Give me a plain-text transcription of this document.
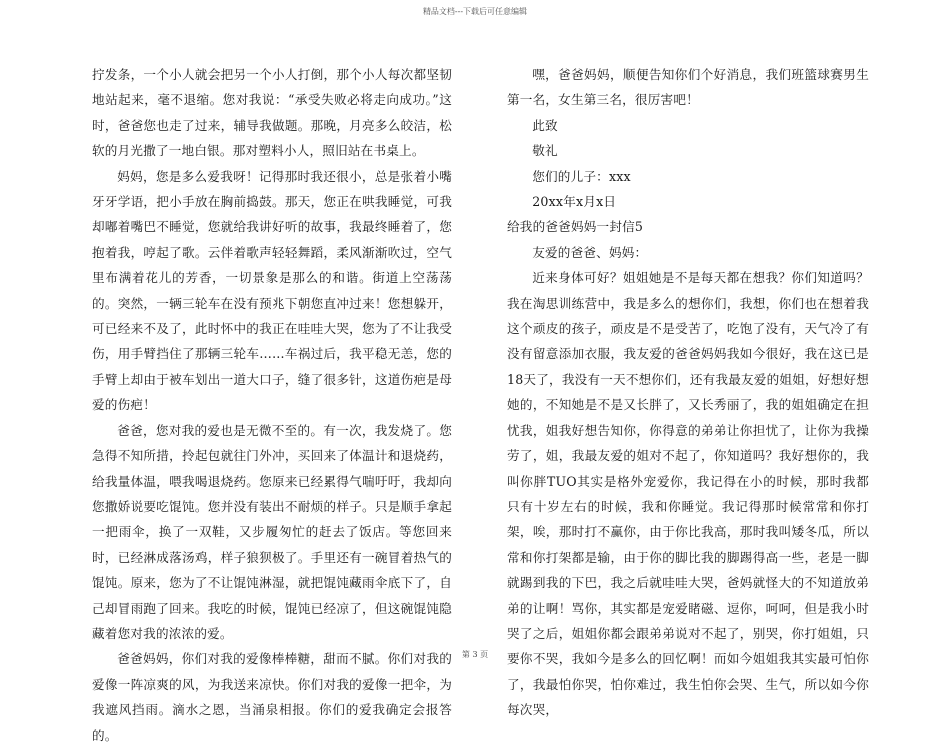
精品文档---下载后可任意编辑

拧发条，一个小人就会把另一个小人打倒，那个小人每次都坚韧地站起来，毫不退缩。您对我说：“承受失败必将走向成功。”这时，爸爸您也走了过来，辅导我做题。那晚，月亮多么皎洁，松软的月光撒了一地白银。那对塑料小人，照旧站在书桌上。

妈妈，您是多么爱我呀！记得那时我还很小，总是张着小嘴牙牙学语，把小手放在胸前捣鼓。那天，您正在哄我睡觉，可我却嘟着嘴巴不睡觉，您就给我讲好听的故事，我最终睡着了，您抱着我，哼起了歌。云伴着歌声轻轻舞蹈，柔风渐渐吹过，空气里布满着花儿的芳香，一切景象是那么的和谐。街道上空荡荡的。突然，一辆三轮车在没有预兆下朝您直冲过来！您想躲开，可已经来不及了，此时怀中的我正在哇哇大哭，您为了不让我受伤，用手臂挡住了那辆三轮车……车祸过后，我平稳无恙，您的手臂上却由于被车划出一道大口子，缝了很多针，这道伤疤是母爱的伤疤！

爸爸，您对我的爱也是无微不至的。有一次，我发烧了。您急得不知所措，拎起包就往门外冲，买回来了体温计和退烧药，给我量体温，喂我喝退烧药。您原来已经累得气喘吁吁，我却向您撒娇说要吃馄饨。您并没有装出不耐烦的样子。只是顺手拿起一把雨伞，换了一双鞋，又步履匆忙的赶去了饭店。等您回来时，已经淋成落汤鸡，样子狼狈极了。手里还有一碗冒着热气的馄饨。原来，您为了不让馄饨淋湿，就把馄饨藏雨伞底下了，自己却冒雨跑了回来。我吃的时候，馄饨已经凉了，但这碗馄饨隐藏着您对我的浓浓的爱。

爸爸妈妈，你们对我的爱像棒棒糖，甜而不腻。你们对我的爱像一阵凉爽的风，为我送来凉快。你们对我的爱像一把伞，为我遮风挡雨。滴水之恩，当涌泉相报。你们的爱我确定会报答的。

嘿，爸爸妈妈，顺便告知你们个好消息，我们班篮球赛男生第一名，女生第三名，很厉害吧！

此致

敬礼

您们的儿子：xxx

20xx年x月x日

给我的爸爸妈妈一封信5

友爱的爸爸、妈妈：

近来身体可好？姐姐她是不是每天都在想我？你们知道吗？我在淘思训练营中，我是多么的想你们，我想，你们也在想着我这个顽皮的孩子，顽皮是不是受苦了，吃饱了没有，天气冷了有没有留意添加衣服，我友爱的爸爸妈妈我如今很好，我在这已是18天了，我没有一天不想你们，还有我最友爱的姐姐，好想好想她的，不知她是不是又长胖了，又长秀丽了，我的姐姐确定在担忧我，姐我好想告知你，你得意的弟弟让你担忧了，让你为我操劳了，姐，我最友爱的姐对不起了，你知道吗？我好想你的，我叫你胖TUO其实是格外宠爱你，我记得在小的时候，那时我都只有十岁左右的时候，我和你睡觉。我记得那时候常常和你打架，唉，那时打不赢你，由于你比我高，那时我叫矮冬瓜，所以常和你打架都是输，由于你的脚比我的脚踢得高一些，老是一脚就踢到我的下巴，我之后就哇哇大哭，爸妈就怪大的不知道放弟弟的让啊！骂你，其实都是宠爱睹磁、逗你，呵呵，但是我小时哭了之后，姐姐你都会跟弟弟说对不起了，别哭，你打姐姐，只要你不哭，我如今是多么的回忆啊！而如今姐姐我其实最可怕你了，我最怕你哭，怕你难过，我生怕你会哭、生气，所以如今你每次哭，

第 3 页
